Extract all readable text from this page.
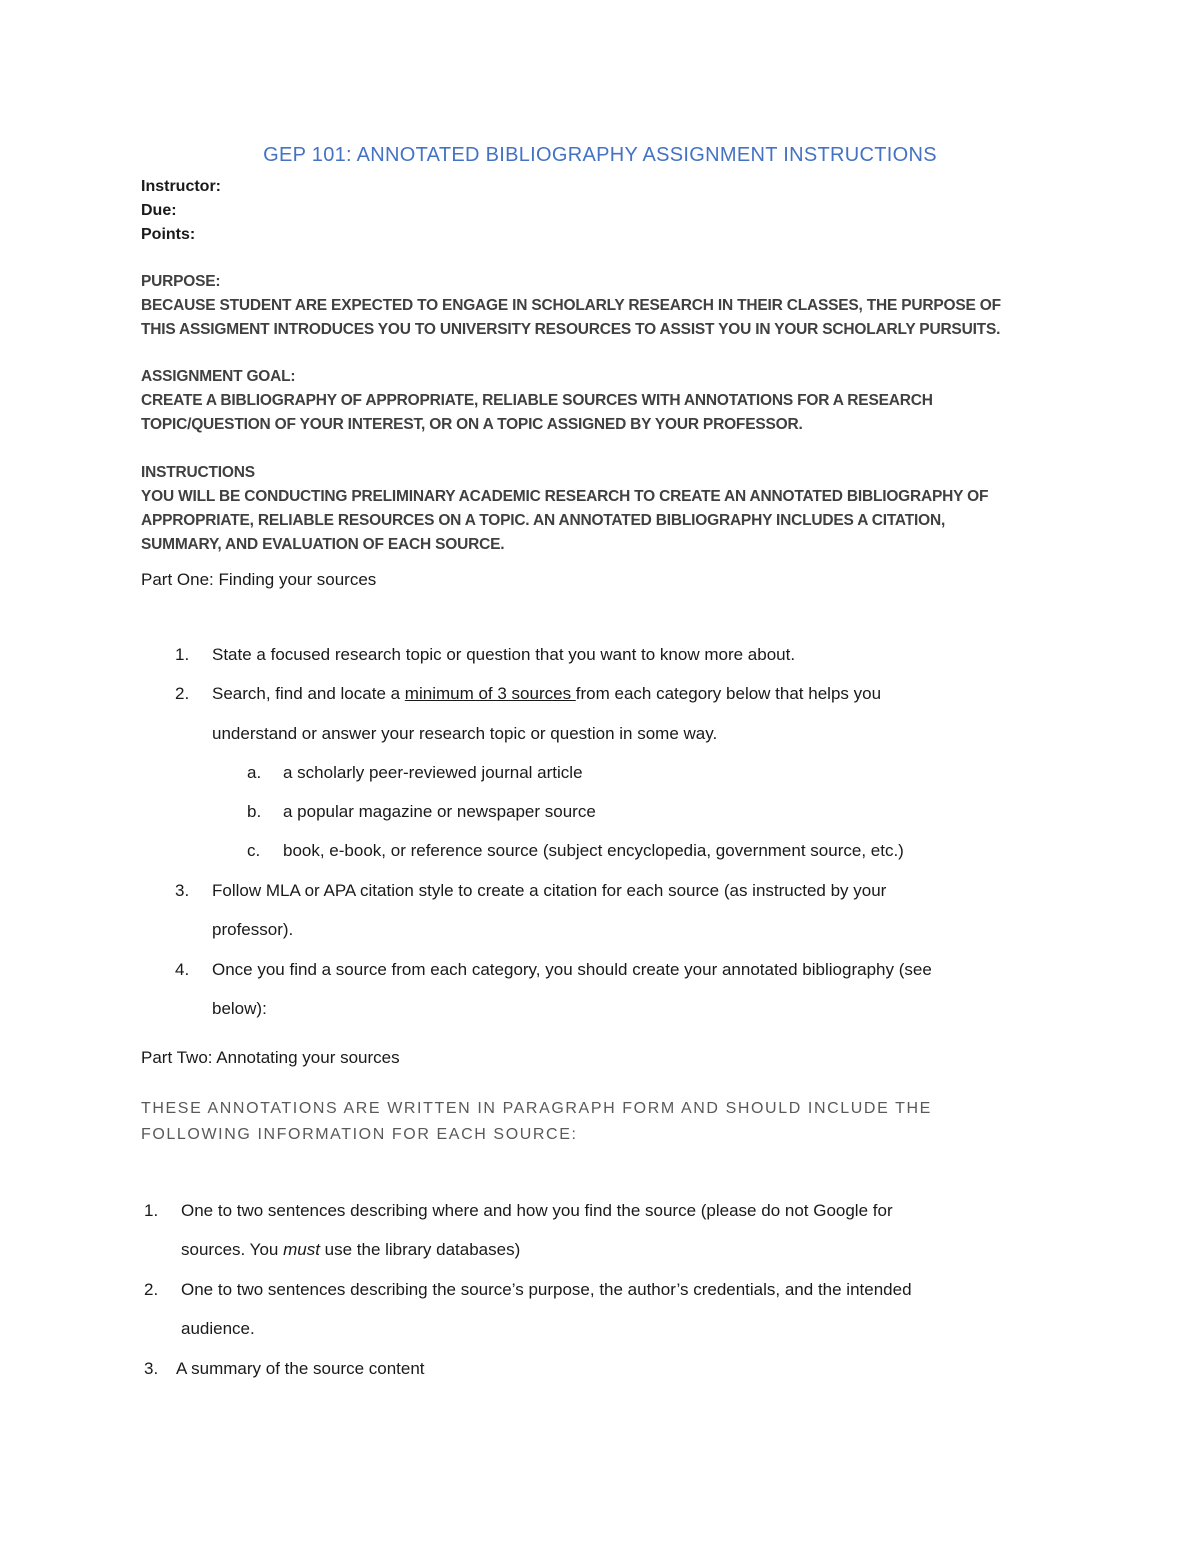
GEP 101: ANNOTATED BIBLIOGRAPHY ASSIGNMENT INSTRUCTIONS
Instructor:
Due:
Points:
PURPOSE:
BECAUSE STUDENT ARE EXPECTED TO ENGAGE IN SCHOLARLY RESEARCH IN THEIR CLASSES, THE PURPOSE OF
THIS ASSIGMENT INTRODUCES YOU TO UNIVERSITY RESOURCES TO ASSIST YOU IN YOUR SCHOLARLY PURSUITS.
ASSIGNMENT GOAL:
CREATE A BIBLIOGRAPHY OF APPROPRIATE, RELIABLE SOURCES WITH ANNOTATIONS FOR A RESEARCH
TOPIC/QUESTION OF YOUR INTEREST, OR ON A TOPIC ASSIGNED BY YOUR PROFESSOR.
INSTRUCTIONS
YOU WILL BE CONDUCTING PRELIMINARY ACADEMIC RESEARCH TO CREATE AN ANNOTATED BIBLIOGRAPHY OF
APPROPRIATE, RELIABLE RESOURCES ON A TOPIC. AN ANNOTATED BIBLIOGRAPHY INCLUDES A CITATION,
SUMMARY, AND EVALUATION OF EACH SOURCE.
Part One: Finding your sources
1. State a focused research topic or question that you want to know more about.
2. Search, find and locate a minimum of 3 sources from each category below that helps you
understand or answer your research topic or question in some way.
a. a scholarly peer-reviewed journal article
b. a popular magazine or newspaper source
c. book, e-book, or reference source (subject encyclopedia, government source, etc.)
3. Follow MLA or APA citation style to create a citation for each source (as instructed by your
professor).
4. Once you find a source from each category, you should create your annotated bibliography (see
below):
Part Two: Annotating your sources
THESE ANNOTATIONS ARE WRITTEN IN PARAGRAPH FORM AND SHOULD INCLUDE THE
FOLLOWING INFORMATION FOR EACH SOURCE:
1. One to two sentences describing where and how you find the source (please do not Google for
sources. You must use the library databases)
2. One to two sentences describing the source’s purpose, the author’s credentials, and the intended
audience.
3. A summary of the source content
